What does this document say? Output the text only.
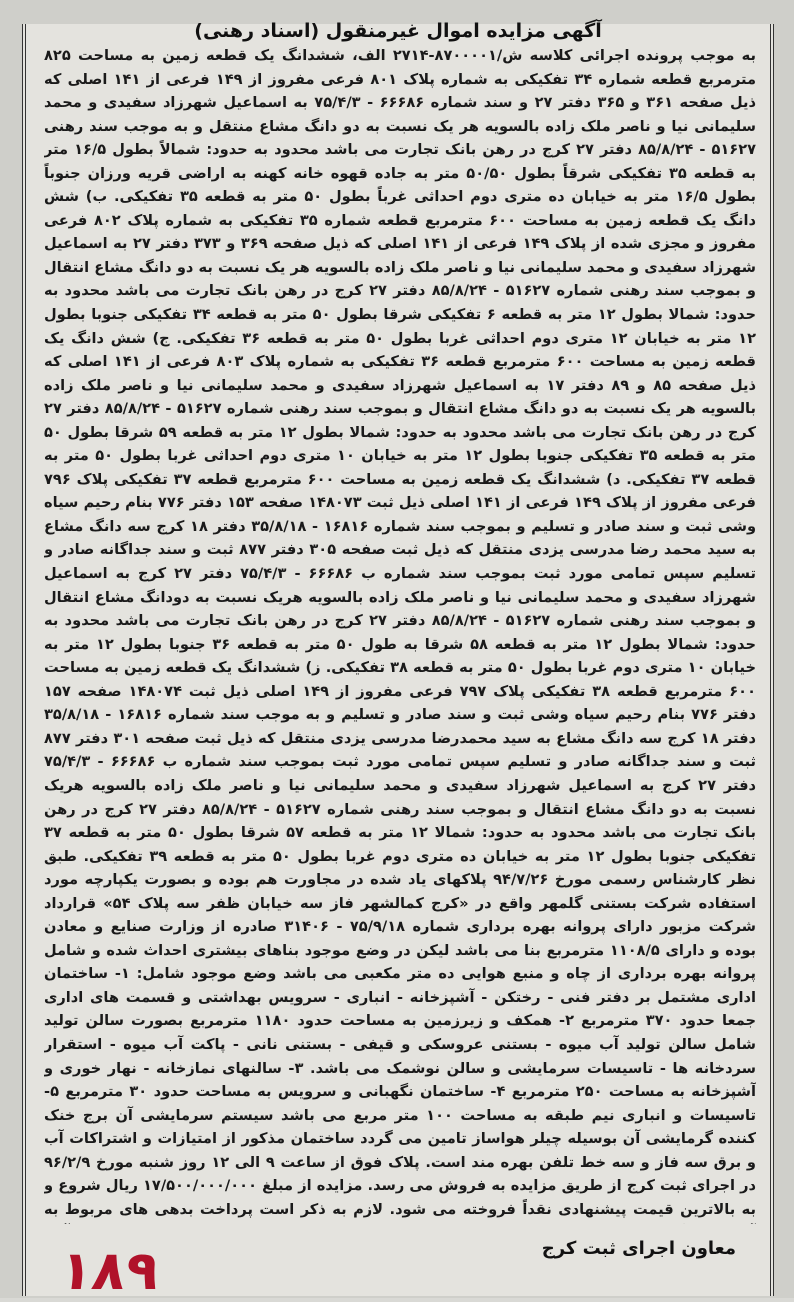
آگهی مزایده اموال غیرمنقول (اسناد رهنی)

به موجب پرونده اجرائی کلاسه ش/۸۷۰۰۰۰۱-۲۷۱۴ الف، ششدانگ یک قطعه زمین به مساحت ۸۲۵ مترمربع قطعه شماره ۳۴ تفکیکی به شماره پلاک ۸۰۱ فرعی مفروز از ۱۴۹ فرعی از ۱۴۱ اصلی که ذیل صفحه ۳۶۱ و ۳۶۵ دفتر ۲۷ و سند شماره ۶۶۶۸۶ - ۷۵/۴/۳ به اسماعیل شهرزاد سفیدی و محمد سلیمانی نیا و ناصر ملک زاده بالسویه هر یک نسبت به دو دانگ مشاع منتقل و به موجب سند رهنی ۵۱۶۲۷ - ۸۵/۸/۲۴ دفتر ۲۷ کرج در رهن بانک تجارت می باشد محدود به حدود: شمالاً بطول ۱۶/۵ متر به قطعه ۳۵ تفکیکی شرقاً بطول ۵۰/۵۰ متر به جاده قهوه خانه کهنه به اراضی قریه ورزان جنوباً بطول ۱۶/۵ متر به خیابان ده متری دوم احداثی غرباً بطول ۵۰ متر به قطعه ۳۵ تفکیکی. ب) شش دانگ یک قطعه زمین به مساحت ۶۰۰ مترمربع قطعه شماره ۳۵ تفکیکی به شماره پلاک ۸۰۲ فرعی مفروز و مجزی شده از پلاک ۱۴۹ فرعی از ۱۴۱ اصلی که ذیل صفحه ۳۶۹ و ۳۷۳ دفتر ۲۷ به اسماعیل شهرزاد سفیدی و محمد سلیمانی نیا و ناصر ملک زاده بالسویه هر یک نسبت به دو دانگ مشاع انتقال و بموجب سند رهنی شماره ۵۱۶۲۷ - ۸۵/۸/۲۴ دفتر ۲۷ کرج در رهن بانک تجارت می باشد محدود به حدود: شمالا بطول ۱۲ متر به قطعه ۶ تفکیکی شرقا بطول ۵۰ متر به قطعه ۳۴ تفکیکی جنوبا بطول ۱۲ متر به خیابان ۱۲ متری دوم احداثی غربا بطول ۵۰ متر به قطعه ۳۶ تفکیکی. ج) شش دانگ یک قطعه زمین به مساحت ۶۰۰ مترمربع قطعه ۳۶ تفکیکی به شماره پلاک ۸۰۳ فرعی از ۱۴۱ اصلی که ذیل صفحه ۸۵ و ۸۹ دفتر ۱۷ به اسماعیل شهرزاد سفیدی و محمد سلیمانی نیا و ناصر ملک زاده بالسویه هر یک نسبت به دو دانگ مشاع انتقال و بموجب سند رهنی شماره ۵۱۶۲۷ - ۸۵/۸/۲۴ دفتر ۲۷ کرج در رهن بانک تجارت می باشد محدود به حدود: شمالا بطول ۱۲ متر به قطعه ۵۹ شرقا بطول ۵۰ متر به قطعه ۳۵ تفکیکی جنوبا بطول ۱۲ متر به خیابان ۱۰ متری دوم احداثی غربا بطول ۵۰ متر به قطعه ۳۷ تفکیکی. د) ششدانگ یک قطعه زمین به مساحت ۶۰۰ مترمربع قطعه ۳۷ تفکیکی پلاک ۷۹۶ فرعی مفروز از پلاک ۱۴۹ فرعی از ۱۴۱ اصلی ذیل ثبت ۱۴۸۰۷۳ صفحه ۱۵۳ دفتر ۷۷۶ بنام رحیم سیاه وشی ثبت و سند صادر و تسلیم و بموجب سند شماره ۱۶۸۱۶ - ۳۵/۸/۱۸ دفتر ۱۸ کرج سه دانگ مشاع به سید محمد رضا مدرسی یزدی منتقل که ذیل ثبت صفحه ۳۰۵ دفتر ۸۷۷ ثبت و سند جداگانه صادر و تسلیم سپس تمامی مورد ثبت بموجب سند شماره ب ۶۶۶۸۶ - ۷۵/۴/۳ دفتر ۲۷ کرج به اسماعیل شهرزاد سفیدی و محمد سلیمانی نیا و ناصر ملک زاده بالسویه هریک نسبت به دودانگ مشاع انتقال و بموجب سند رهنی شماره ۵۱۶۲۷ - ۸۵/۸/۲۴ دفتر ۲۷ کرج در رهن بانک تجارت می باشد محدود به حدود: شمالا بطول ۱۲ متر به قطعه ۵۸ شرقا به طول ۵۰ متر به قطعه ۳۶ جنوبا بطول ۱۲ متر به خیابان ۱۰ متری دوم غربا بطول ۵۰ متر به قطعه ۳۸ تفکیکی. ز) ششدانگ یک قطعه زمین به مساحت ۶۰۰ مترمربع قطعه ۳۸ تفکیکی پلاک ۷۹۷ فرعی مفروز از ۱۴۹ اصلی ذیل ثبت ۱۴۸۰۷۴ صفحه ۱۵۷ دفتر ۷۷۶ بنام رحیم سیاه وشی ثبت و سند صادر و تسلیم و به موجب سند شماره ۱۶۸۱۶ - ۳۵/۸/۱۸ دفتر ۱۸ کرج سه دانگ مشاع به سید محمدرضا مدرسی یزدی منتقل که ذیل ثبت صفحه ۳۰۱ دفتر ۸۷۷ ثبت و سند جداگانه صادر و تسلیم سپس تمامی مورد ثبت بموجب سند شماره ب ۶۶۶۸۶ - ۷۵/۴/۳ دفتر ۲۷ کرج به اسماعیل شهرزاد سفیدی و محمد سلیمانی نیا و ناصر ملک زاده بالسویه هریک نسبت به دو دانگ مشاع انتقال و بموجب سند رهنی شماره ۵۱۶۲۷ - ۸۵/۸/۲۴ دفتر ۲۷ کرج در رهن بانک تجارت می باشد محدود به حدود: شمالا ۱۲ متر به قطعه ۵۷ شرقا بطول ۵۰ متر به قطعه ۳۷ تفکیکی جنوبا بطول ۱۲ متر به خیابان ده متری دوم غربا بطول ۵۰ متر به قطعه ۳۹ تفکیکی. طبق نظر کارشناس رسمی مورخ ۹۴/۷/۲۶ پلاکهای یاد شده در مجاورت هم بوده و بصورت یکپارچه مورد استفاده شرکت بستنی گلمهر واقع در «کرج کمالشهر فاز سه خیابان ظفر سه پلاک ۵۴» قرارداد شرکت مزبور دارای پروانه بهره برداری شماره ۷۵/۹/۱۸ - ۳۱۴۰۶ صادره از وزارت صنایع و معادن بوده و دارای ۱۱۰۸/۵ مترمربع بنا می باشد لیکن در وضع موجود بناهای بیشتری احداث شده و شامل پروانه بهره برداری از چاه و منبع هوایی ده متر مکعبی می باشد وضع موجود شامل: ۱- ساختمان اداری مشتمل بر دفتر فنی - رختکن - آشپزخانه - انباری - سرویس بهداشتی و قسمت های اداری جمعا حدود ۳۷۰ مترمربع ۲- همکف و زیرزمین به مساحت حدود ۱۱۸۰ مترمربع بصورت سالن تولید شامل سالن تولید آب میوه - بستنی عروسکی و قیفی - بستنی نانی - پاکت آب میوه - استقرار سردخانه ها - تاسیسات سرمایشی و سالن نوشمک می باشد. ۳- سالنهای نمازخانه - نهار خوری و آشپزخانه به مساحت ۲۵۰ مترمربع ۴- ساختمان نگهبانی و سرویس به مساحت حدود ۳۰ مترمربع ۵- تاسیسات و انباری نیم طبقه به مساحت ۱۰۰ متر مربع می باشد سیستم سرمایشی آن برج خنک کننده گرمایشی آن بوسیله چیلر هواساز تامین می گردد ساختمان مذکور از امتیازات و اشتراکات آب و برق سه فاز و سه خط تلفن بهره مند است. پلاک فوق از ساعت ۹ الی ۱۲ روز شنبه مورخ ۹۶/۲/۹ در اجرای ثبت کرج از طریق مزایده به فروش می رسد. مزایده از مبلغ ۱۷/۵۰۰/۰۰۰/۰۰۰ ریال شروع و به بالاترین قیمت پیشنهادی نقداً فروخته می شود. لازم به ذکر است پرداخت بدهی های مربوط به

معاون اجرای ثبت کرج
۱۸۹
